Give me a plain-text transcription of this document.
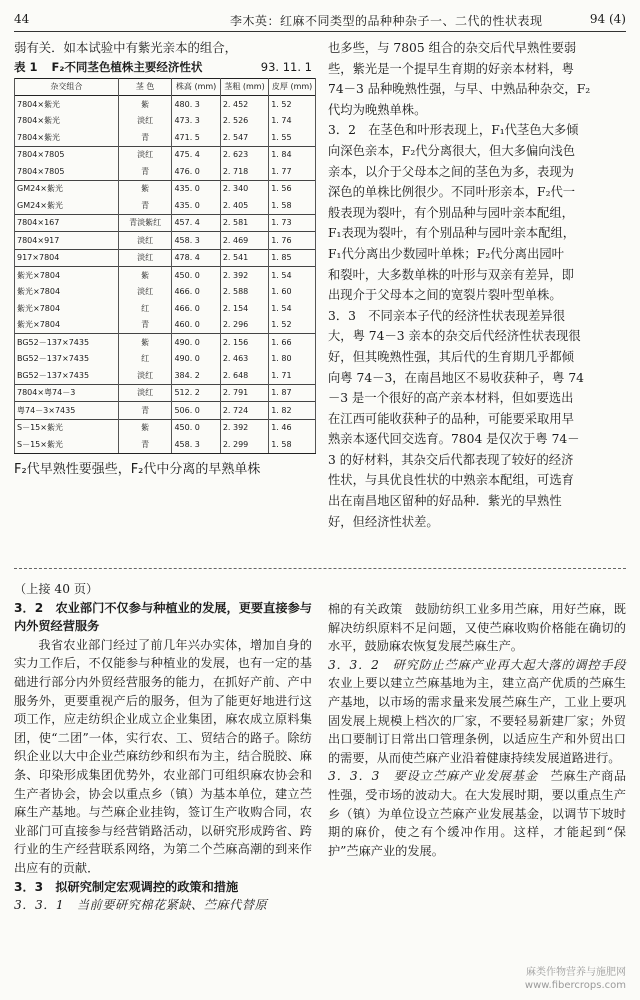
44	李木英：红麻不同类型的品种种杂子一、二代的性状表现	94 (4)

弱有关．如本试验中有紫光亲本的组合，

表 1 F₂不同茎色植株主要经济性状	93. 11. 1
杂交组合	茎 色	株高 (mm)	茎粗 (mm)	皮厚 (mm)
7804×紫光	紫	480. 3	2. 452	1. 52
7804×紫光	淡红	473. 3	2. 526	1. 74
7804×紫光	青	471. 5	2. 547	1. 55
7804×7805	淡红	475. 4	2. 623	1. 84
7804×7805	青	476. 0	2. 718	1. 77
GM24×紫光	紫	435. 0	2. 340	1. 56
GM24×紫光	青	435. 0	2. 405	1. 58
7804×167	青淡紫红	457. 4	2. 581	1. 73
7804×917	淡红	458. 3	2. 469	1. 76
917×7804	淡红	478. 4	2. 541	1. 85
紫光×7804	紫	450. 0	2. 392	1. 54
紫光×7804	淡红	466. 0	2. 588	1. 60
紫光×7804	红	466. 0	2. 154	1. 54
紫光×7804	青	460. 0	2. 296	1. 52
BG52－137×7435	紫	490. 0	2. 156	1. 66
BG52－137×7435	红	490. 0	2. 463	1. 80
BG52－137×7435	淡红	384. 2	2. 648	1. 71
7804×粤74－3	淡红	512. 2	2. 791	1. 87
粤74－3×7435	青	506. 0	2. 724	1. 82
S－15×紫光	紫	450. 0	2. 392	1. 46
S－15×紫光	青	458. 3	2. 299	1. 58

F₂代早熟性要强些，F₂代中分离的早熟单株

也多些，与 7805 组合的杂交后代早熟性要弱

些，紫光是一个提早生育期的好亲本材料，粤

74－3 品种晚熟性强，与早、中熟品种杂交，F₂

代均为晚熟单株。

3．2　在茎色和叶形表现上，F₁代茎色大多倾

向深色亲本，F₂代分离很大，但大多偏向浅色

亲本，以介于父母本之间的茎色为多，表现为

深色的单株比例很少。不同叶形亲本，F₂代一

般表现为裂叶，有个别品种与园叶亲本配组，

F₁表现为裂叶，有个别品种与园叶亲本配组，

F₁代分离出少数园叶单株；F₂代分离出园叶

和裂叶，大多数单株的叶形与双亲有差异，即

出现介于父母本之间的宽裂片裂叶型单株。

3．3　不同亲本子代的经济性状表现差异很

大，粤 74－3 亲本的杂交后代经济性状表现很

好，但其晚熟性强，其后代的生育期几乎都倾

向粤 74－3，在南昌地区不易收获种子，粤 74

－3 是一个很好的高产亲本材料，但如要选出

在江西可能收获种子的品种，可能要采取用早

熟亲本逐代回交选育。7804 是仅次于粤 74－

3 的好材料，其杂交后代都表现了较好的经济

性状，与具优良性状的中熟亲本配组，可选育

出在南昌地区留种的好品种．紫光的早熟性

好，但经济性状差。

（上接 40 页）

3．2　农业部门不仅参与种植业的发展，更要直接参与内外贸经营服务

我省农业部门经过了前几年兴办实体，增加自身的实力工作后，不仅能参与种植业的发展，也有一定的基础进行部分内外贸经营服务的能力，在抓好产前、产中服务外，更要重视产后的服务，但为了能更好地进行这项工作，应走纺织企业成立企业集团，麻农成立原料集团，使“二团”一体，实行农、工、贸结合的路子。除纺织企业以大中企业苎麻纺纱和织布为主，结合脱胶、麻条、印染形成集团优势外，农业部门可组织麻农协会和生产者协会，协会以重点乡（镇）为基本单位，建立苎麻生产基地。与苎麻企业挂钩，签订生产收购合同，农业部门可直接参与经营销路活动，以研究形成跨省、跨行业的生产经营联系网络，为第二个苎麻高潮的到来作出应有的贡献．

3．3　拟研究制定宏观调控的政策和措施

3．3．1　当前要研究棉花紧缺、苎麻代替原

棉的有关政策　鼓励纺织工业多用苎麻，用好苎麻，既解决纺织原料不足问题，又使苎麻收购价格能在确切的水平，鼓励麻农恢复发展苎麻生产。

3．3．2　研究防止苎麻产业再大起大落的调控手段　农业上要以建立苎麻基地为主，建立高产优质的苎麻生产基地，以市场的需求量来发展苎麻生产，工业上要巩固发展上规模上档次的厂家，不要轻易新建厂家；外贸出口要制订日常出口管理条例，以适应生产和外贸出口的需要，从而使苎麻产业沿着健康持续发展道路进行。

3．3．3　要设立苎麻产业发展基金　 苎麻生产商品性强，受市场的波动大。在大发展时期，要以重点生产乡（镇）为单位设立苎麻产业发展基金，以调节下坡时期的麻价，使之有个缓冲作用。这样，才能起到“保护”苎麻产业的发展。

麻类作物营养与施肥网
www.fibercrops.com
